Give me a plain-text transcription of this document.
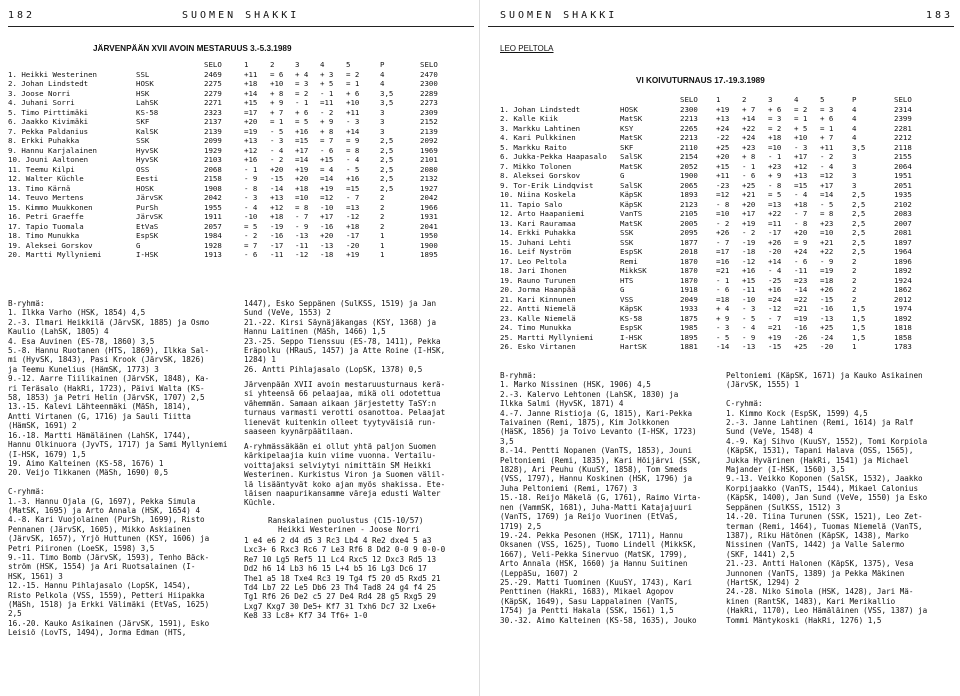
182	SUOMEN SHAKKI
JÄRVENPÄÄN XVII AVOIN MESTARUUS 3.-5.3.1989
SELO	1	2	3	4	5	P	SELO
1. Heikki Westerinen	SSL	2469	+11 = 6 + 4 + 3 = 2	4	2470
2. Johan Lindstedt	HOSK	2275	+18 +10 = 3 + 5 = 1	4	2300
3. Joose Norri	HSK	2279	+14 + 8 = 2 - 1 + 6	3,5	2289
4. Juhani Sorri	LahSK	2271	+15 + 9 - 1 =11 +10	3,5	2273
5. Timo Pirttimäki	KS-58	2323	=17 + 7 + 6 - 2 +11	3	2309
6. Jaakko Kivimäki	SKF	2137	+20 = 1 = 5 + 9 - 3	3	2152
7. Pekka Paldanius	KalSK	2139	=19 - 5 +16 + 8 +14	3	2139
8. Erkki Puhakka	SSK	2099	+13 - 3 =15 = 7 = 9	2,5	2092
9. Hannu Karjalainen	HyvSK	1929	+12 - 4 +17 - 6 = 8	2,5	1969
10. Jouni Aaltonen	HyvSK	2103	+16 - 2 =14 +15 - 4	2,5	2101
11. Teemu Kilpi	OSS	2068	- 1 +20 +19 = 4 - 5	2,5	2080
12. Walter Küchle	Eesti	2158	- 9 -15 +20 =14 +16	2,5	2132
13. Timo Kärnä	HOSK	1908	- 8 -14 +18 +19 =15	2,5	1927
14. Teuvo Mertens	JärvSK	2042	- 3 +13 =10 =12 - 7	2	2042
15. Kimmo Muukkonen	PurSh	1955	- 4 +12 = 8 -10 =13	2	1966
16. Petri Graeffe	JärvSK	1911	-10 +18 - 7 +17 -12	2	1931
17. Tapio Tuomala	EtVaS	2057	= 5 -19 - 9 -16 +18	2	2041
18. Timo Munukka	EspSK	1984	- 2 -16 -13 +20 -17	1	1950
19. Aleksei Gorskov	G	1928	= 7 -17 -11 -13 -20	1	1900
20. Martti Myllyniemi	I-HSK	1913	- 6 -11 -12 -18 +19	1	1895
B-ryhmä:
1. Ilkka Varho (HSK, 1854) 4,5
2.-3. Ilmari Heikkilä (JärvSK, 1885) ja Osmo
Kaulio (LahSK, 1805) 4
4. Esa Auvinen (ES-78, 1860) 3,5
5.-8. Hannu Ruotanen (HTS, 1869), Ilkka Sal-
mi (HyvSK, 1843), Pasi Krook (JärvSK, 1826)
ja Teemu Kunelius (HämSK, 1773) 3
9.-12. Aarre Tiilikainen (JärvSK, 1848), Ka-
ri Teräsalo (HakRi, 1723), Päivi Walta (KS-
58, 1853) ja Petri Helin (JärvSK, 1707) 2,5
13.-15. Kalevi Lähteenmäki (MäSh, 1814),
Antti Virtanen (G, 1716) ja Sauli Tiitta
(HämSK, 1691) 2
16.-18. Martti Hämäläinen (LahSK, 1744),
Hannu Olkinuora (JyvTS, 1717) ja Sami Myllyniemi (I-HSK, 1679) 1,5
19. Aimo Kalteinen (KS-58, 1676) 1
20. Veijo Tikkanen (MäSh, 1690) 0,5

C-ryhmä:
1.-3. Hannu Ojala (G, 1697), Pekka Simula
(MatSK, 1695) ja Arto Annala (HSK, 1654) 4
4.-8. Kari Vuojolainen (PurSh, 1699), Risto
Pennanen (JärvSK, 1605), Mikko Askiainen
(JärvSK, 1657), Yrjö Huttunen (KSY, 1606) ja
Petri Piironen (LoeSK, 1598) 3,5
9.-11. Timo Bomb (JärvSK, 1593), Tenho Bäck-
ström (HSK, 1554) ja Ari Ruotsalainen (I-
HSK, 1561) 3
12.-15. Hannu Pihlajasalo (LopSK, 1454),
Risto Pelkola (VSS, 1559), Petteri Hiipakka
(MäSh, 1518) ja Erkki Välimäki (EtVaS, 1625)
2,5
16.-20. Kauko Asikainen (JärvSK, 1591), Esko
Leisiö (LovTS, 1494), Jorma Edman (HTS,
1447), Esko Seppänen (SulKSS, 1519) ja Jan
Sund (VeVe, 1553) 2
21.-22. Kirsi Säynäjäkangas (KSY, 1368) ja
Hannu Laitinen (MäSh, 1466) 1,5
23.-25. Seppo Tienssuu (ES-78, 1411), Pekka
Eräpolku (HRauS, 1457) ja Atte Roine (I-HSK,
1284) 1
26. Antti Pihlajasalo (LopSK, 1378) 0,5
Järvenpään XVII avoin mestaruusturnaus kerä-
si yhteensä 66 pelaajaa, mikä oli odotettua
vähemmän. Samaan aikaan järjestetty TaSY:n
turnaus varmasti verotti osanottoa. Pelaajat
lienevät kuitenkin olleet tyytyväisiä run-
saaseen kyynärpäätilaan.
A-ryhmässäkään ei ollut yhtä paljon Suomen
kärkipelaajia kuin viime vuonna. Vertailu-
voittajaksi selviytyi nimittäin SM Heikki
Westerinen. Kurkistus Viron ja Suomen välil-
lä lisääntyvät koko ajan myös shakissa. Ete-
läisen naapurikansamme väreja edusti Walter
Küchle.
Ranskalainen puolustus (C15-10/57)
Heikki Westerinen - Joose Norri
1 e4 e6 2 d4 d5 3 Rc3 Lb4 4 Re2 dxe4 5 a3
Lxc3+ 6 Rxc3 Rc6 7 Le3 Rf6 8 Dd2 0-0 9 0-0-0
Re7 10 Lg5 Ref5 11 Lc4 Rxc5 12 Dxc3 Rd5 13
Dd2 h6 14 Lb3 h6 15 L+4 b5 16 Lg3 Dc6 17
The1 a5 18 Txe4 Rc3 19 Tg4 f5 20 d5 Rxd5 21
Td4 Lb7 22 Le5 Db6 23 Th4 Tad8 24 g4 f4 25
Tg1 Rf6 26 De2 c5 27 De4 Rd4 28 g5 Rxg5 29
Lxg7 Kxg7 30 De5+ Kf7 31 Txh6 Dc7 32 Lxe6+
Ke8 33 Lc8+ Kf7 34 Tf6+ 1-0
SUOMEN SHAKKI	183
LEO PELTOLA
VI KOIVUTURNAUS 17.-19.3.1989
SELO 1	2	3	4	5	P	SELO
1. Johan Lindstedt	HOSK	2300 +19 + 7 + 6 = 2 = 3	4	2314
2. Kalle Kiik	MatSK	2213 +13 +14 = 3 = 1 + 6	4	2399
3. Markku Lahtinen	KSY	2265 +24 +22 = 2 + 5 = 1	4	2281
4. Kari Pulkkinen	MatSK	2213 -22 +24 +18 +10 + 7	4	2212
5. Markku Raito	SKF	2110 +25 +23 =10 - 3 +11	3,5	2118
6. Jukka-Pekka Haapasalo SalSK	2154 +20 + 8 - 1 +17 - 2	3	2155
7. Mikko Tolonen	MatSK	2052 +15 - 1 +23 +12 - 4	3	2064
8. Aleksei Gorskov	G	1900 +11 - 6 + 9 +13 =12	3	1951
9. Tor-Erik Lindqvist	SalSK	2065 -23 +25 - 8 =15 +17	3	2051
10. Niina Koskela	KäpSK	1893 =12 +21 = 5 - 4 =14	2,5	1935
11. Tapio Salo	KäpSK	2123 - 8 +20 =13 +18 - 5	2,5	2102
12. Arto Haapaniemi	VanTS	2105 =10 +17 +22 - 7 = 8	2,5	2083
13. Kari Rauramaa	MatSK	2005 - 2 +19 =11 - 8 +23	2,5	2007
14. Erkki Puhakka	SSK	2095 +26 - 2 -17 +20 =10	2,5	2081
15. Juhani Lehti	SSK	1877 - 7 -19 +26 = 9 +21	2,5	1897
16. Leif Nyström	EspSK	2018 =17 -18 -20 +24 +22	2,5	1964
17. Leo Peltola	Remi	1870 =16 -12 +14 - 6 - 9	2	1896
18. Jari Ihonen	MikkSK	1870 =21 +16 - 4 -11 =19	2	1892
19. Rauno Turunen	HTS	1870 - 1 +15 -25 =23 =18	2	1924
20. Jorma Haanpää	G	1918 - 6 -11 +16 -14 +26	2	1862
21. Kari Kinnunen	VSS	2049 =18 -10 =24 =22 -15	2	2012
22. Antti Niemelä	KäpSK	1933 + 4 - 3 -12 =21 -16	1,5	1974
23. Kalle Niemelä	KS-58	1875 + 9 - 5 - 7 =19 -13	1,5	1892
24. Timo Munukka	EspSK	1985 - 3 - 4 =21 -16 +25	1,5	1818
25. Martti Myllyniemi	I-HSK	1895 - 5 - 9 +19 -26 -24	1,5	1858
26. Esko Virtanen	HartSK	1881 -14 -13 -15 +25 -20	1	1783
B-ryhmä:
1. Marko Nissinen (HSK, 1906) 4,5
2.-3. Kalervo Lehtonen (LahSK, 1830) ja
Ilkka Salmi (HyvSK, 1871) 4
4.-7. Janne Ristioja (G, 1815), Kari-Pekka
Taivainen (Remi, 1875), Kim Jolkkonen
(HäSK, 1856) ja Toivo Levanto (I-HSK, 1723)
3,5
8.-14. Pentti Nopanen (VanTS, 1853), Jouni
Peltoniemi (Remi, 1835), Kari Höijärvi (SSK,
1828), Ari Peuhu (KuuSY, 1858), Tom Smeds
(VSS, 1797), Hannu Koskinen (HSK, 1796) ja
Juha Peltoniemi (Remi, 1767) 3
15.-18. Reijo Mäkelä (G, 1761), Raimo Virta-
nen (VammSK, 1681), Juha-Matti Katajajuuri
(VanTS, 1769) ja Reijo Vuorinen (EtVaS,
1719) 2,5
19.-24. Pekka Pesonen (HSK, 1711), Hannu
Oksanen (VSS, 1625), Tuomo Lindell (MikkSK,
1667), Veli-Pekka Sinervuo (MatSK, 1799),
Arto Annala (HSK, 1660) ja Hannu Suitinen
(LeppäSu, 1607) 2
25.-29. Matti Tuominen (KuuSY, 1743), Kari
Penttinen (HakRi, 1683), Mikael Agopov
(KäpSK, 1649), Sasu Lappalainen (VanTS,
1754) ja Pentti Hakala (SSK, 1561) 1,5
30.-32. Aimo Kalteinen (KS-58, 1635), Jouko
Peltoniemi (KäpSK, 1671) ja Kauko Asikainen
(JärvSK, 1555) 1

C-ryhmä:
1. Kimmo Kock (EspSK, 1599) 4,5
2.-3. Janne Lahtinen (Remi, 1614) ja Ralf
Sund (VeVe, 1548) 4
4.-9. Kaj Sihvo (KuuSY, 1552), Tomi Korpiola
(KäpSK, 1531), Tapani Halava (OSS, 1565),
Jukka Hyvärinen (HakRi, 1541) ja Michael
Majander (I-HSK, 1560) 3,5
9.-13. Veikko Koponen (SalSK, 1532), Jaakko
Korpijaakko (VanTS, 1544), Mikael Calonius
(KäpSK, 1400), Jan Sund (VeVe, 1550) ja Esko
Seppänen (SulKSS, 1512) 3
14.-20. Tiina Turunen (SSK, 1521), Leo Zet-
terman (Remi, 1464), Tuomas Niemelä (VanTS,
1387), Riku Hätönen (KäpSK, 1438), Marko
Nissinen (VanTS, 1442) ja Valle Salermo
(SKF, 1441) 2,5
21.-23. Antti Halonen (KäpSK, 1375), Vesa
Junnonen (VanTS, 1389) ja Pekka Mäkinen
(HartSK, 1294) 2
24.-28. Niko Simola (HSK, 1428), Jari Mä-
kinen (RantSK, 1483), Kari Merikallio
(HakRi, 1170), Leo Hämäläinen (VSS, 1387) ja
Tommi Mäntykoski (HakRi, 1276) 1,5
